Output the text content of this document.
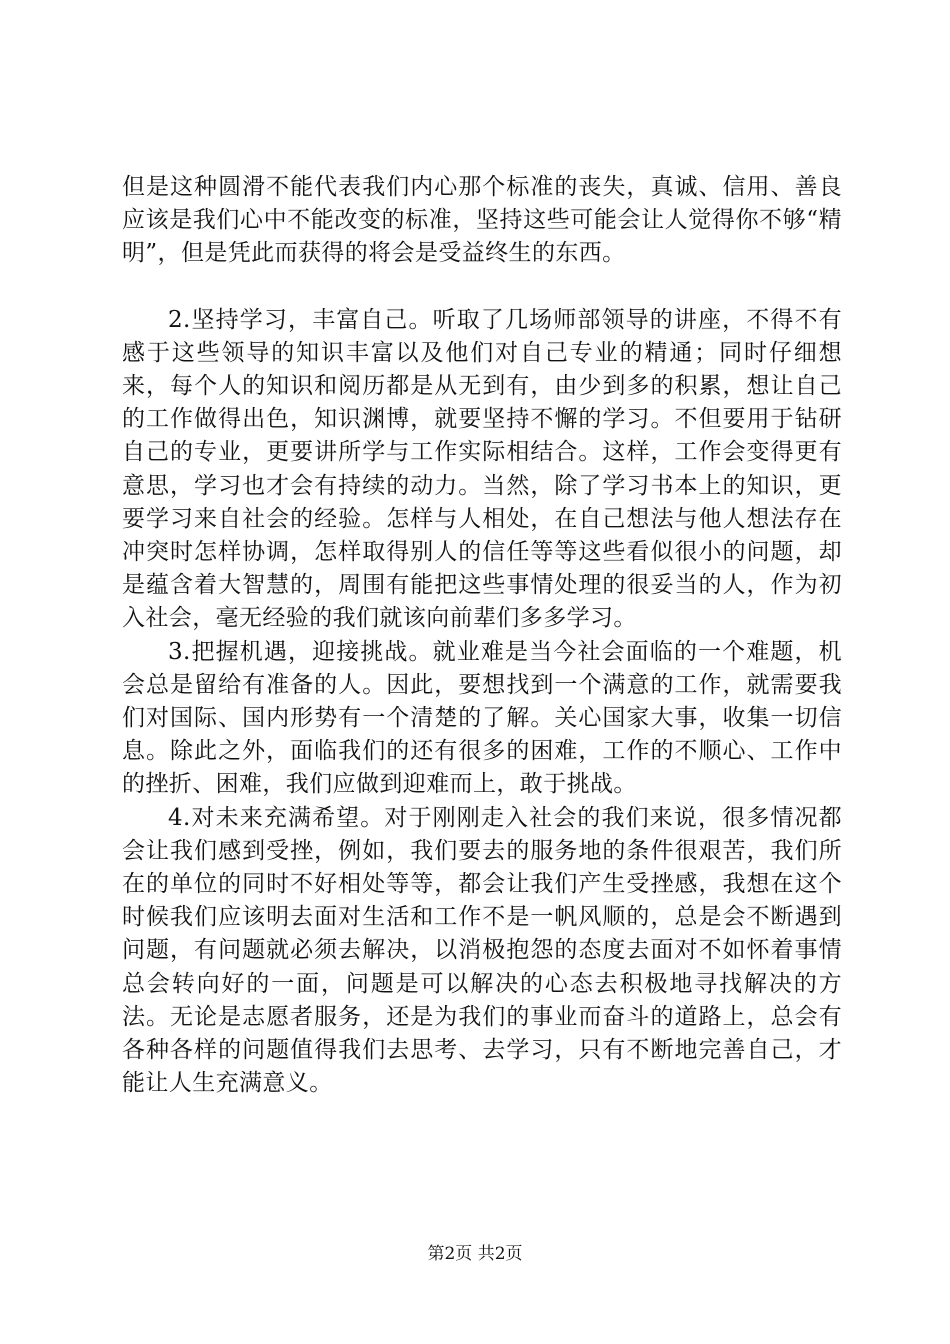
但是这种圆滑不能代表我们内心那个标准的丧失，真诚、信用、善良应该是我们心中不能改变的标准，坚持这些可能会让人觉得你不够“精明”，但是凭此而获得的将会是受益终生的东西。

2.坚持学习，丰富自己。听取了几场师部领导的讲座，不得不有感于这些领导的知识丰富以及他们对自己专业的精通；同时仔细想来，每个人的知识和阅历都是从无到有，由少到多的积累，想让自己的工作做得出色，知识渊博，就要坚持不懈的学习。不但要用于钻研自己的专业，更要讲所学与工作实际相结合。这样，工作会变得更有意思，学习也才会有持续的动力。当然，除了学习书本上的知识，更要学习来自社会的经验。怎样与人相处，在自己想法与他人想法存在冲突时怎样协调，怎样取得别人的信任等等这些看似很小的问题，却是蕴含着大智慧的，周围有能把这些事情处理的很妥当的人，作为初入社会，毫无经验的我们就该向前辈们多多学习。

3.把握机遇，迎接挑战。就业难是当今社会面临的一个难题，机会总是留给有准备的人。因此，要想找到一个满意的工作，就需要我们对国际、国内形势有一个清楚的了解。关心国家大事，收集一切信息。除此之外，面临我们的还有很多的困难，工作的不顺心、工作中的挫折、困难，我们应做到迎难而上，敢于挑战。

4.对未来充满希望。对于刚刚走入社会的我们来说，很多情况都会让我们感到受挫，例如，我们要去的服务地的条件很艰苦，我们所在的单位的同时不好相处等等，都会让我们产生受挫感，我想在这个时候我们应该明去面对生活和工作不是一帆风顺的，总是会不断遇到问题，有问题就必须去解决，以消极抱怨的态度去面对不如怀着事情总会转向好的一面，问题是可以解决的心态去积极地寻找解决的方法。无论是志愿者服务，还是为我们的事业而奋斗的道路上，总会有各种各样的问题值得我们去思考、去学习，只有不断地完善自己，才能让人生充满意义。

第2页 共2页
